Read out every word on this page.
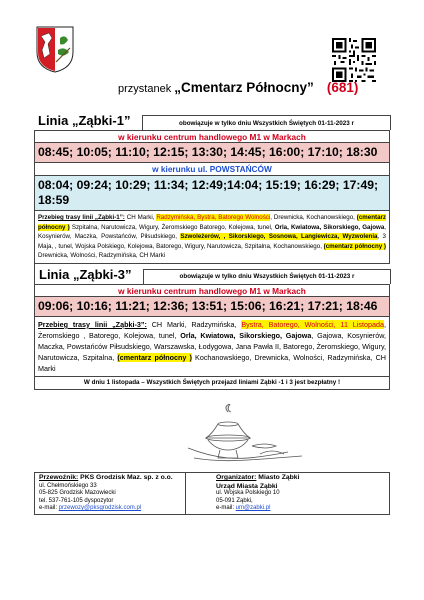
przystanek „Cmentarz Północny” (681)
Linia „Ząbki-1”	obowiązuje w tylko dniu Wszystkich Świętych 01-11-2023 r
w kierunku centrum handlowego M1 w Markach
08:45; 10:05; 11:10; 12:15; 13:30; 14:45; 16:00; 17:10; 18:30
w kierunku ul. POWSTAŃCÓW
08:04; 09:24; 10:29; 11:34; 12:49;14:04; 15:19; 16:29; 17:49; 18:59
Przebieg trasy linii „Ząbki-1”: CH Marki, Radzymińska, Bystra, Batorego Wolności, Drewnicka, Kochanowskiego, (cmentarz północny ) Szpitalna, Narutowicza, Wigury, Żeromskiego Batorego, Kolejowa, tunel, Orla, Kwiatowa, Sikorskiego, Gajowa, Kosynierów, Maczka, Powstańców, Piłsudskiego, Szwoleżerów, , Sikorskiego, Sosnowa, Langiewicza, Wyzwolenia, 3 Maja, , tunel, Wojska Polskiego, Kolejowa, Batorego, Wigury, Narutowicza, Szpitalna, Kochanowskiego, (cmentarz północny ) Drewnicka, Wolności, Radzymińska, CH Marki
Linia „Ząbki-3”	obowiązuje w tylko dniu Wszystkich Świętych 01-11-2023 r
w kierunku centrum handlowego M1 w Markach
09:06; 10:16; 11:21; 12:36; 13:51; 15:06; 16:21; 17:21; 18:46
Przebieg trasy linii „Ząbki-3”: CH Marki, Radzymińska, Bystra, Batorego, Wolności, 11 Listopada, Żeromskiego , Batorego, Kolejowa, tunel, Orla, Kwiatowa, Sikorskiego, Gajowa, Gajowa, Kosynierów, Maczka, Powstańców Piłsudskiego, Warszawska, Łodygowa, Jana Pawła II, Batorego, Żeromskiego, Wigury, Narutowicza, Szpitalna, (cmentarz północny ) Kochanowskiego, Drewnicka, Wolności, Radzymińska, CH Marki
W dniu 1 listopada – Wszystkich Świętych przejazd liniami Ząbki -1 i 3 jest bezpłatny !
Przewoźnik: PKS Grodzisk Maz. sp. z o.o.
ul. Chełmońskiego 33
05-825 Grodzisk Mazowiecki
tel. 537-761-105 dyspozytor
e-mail: przewozy@pksgrodzisk.com.pl
Organizator: Miasto Ząbki
Urząd Miasta Ząbki
ul. Wojska Polskiego 10
05-091 Ząbki,
e-mail: um@zabki.pl
